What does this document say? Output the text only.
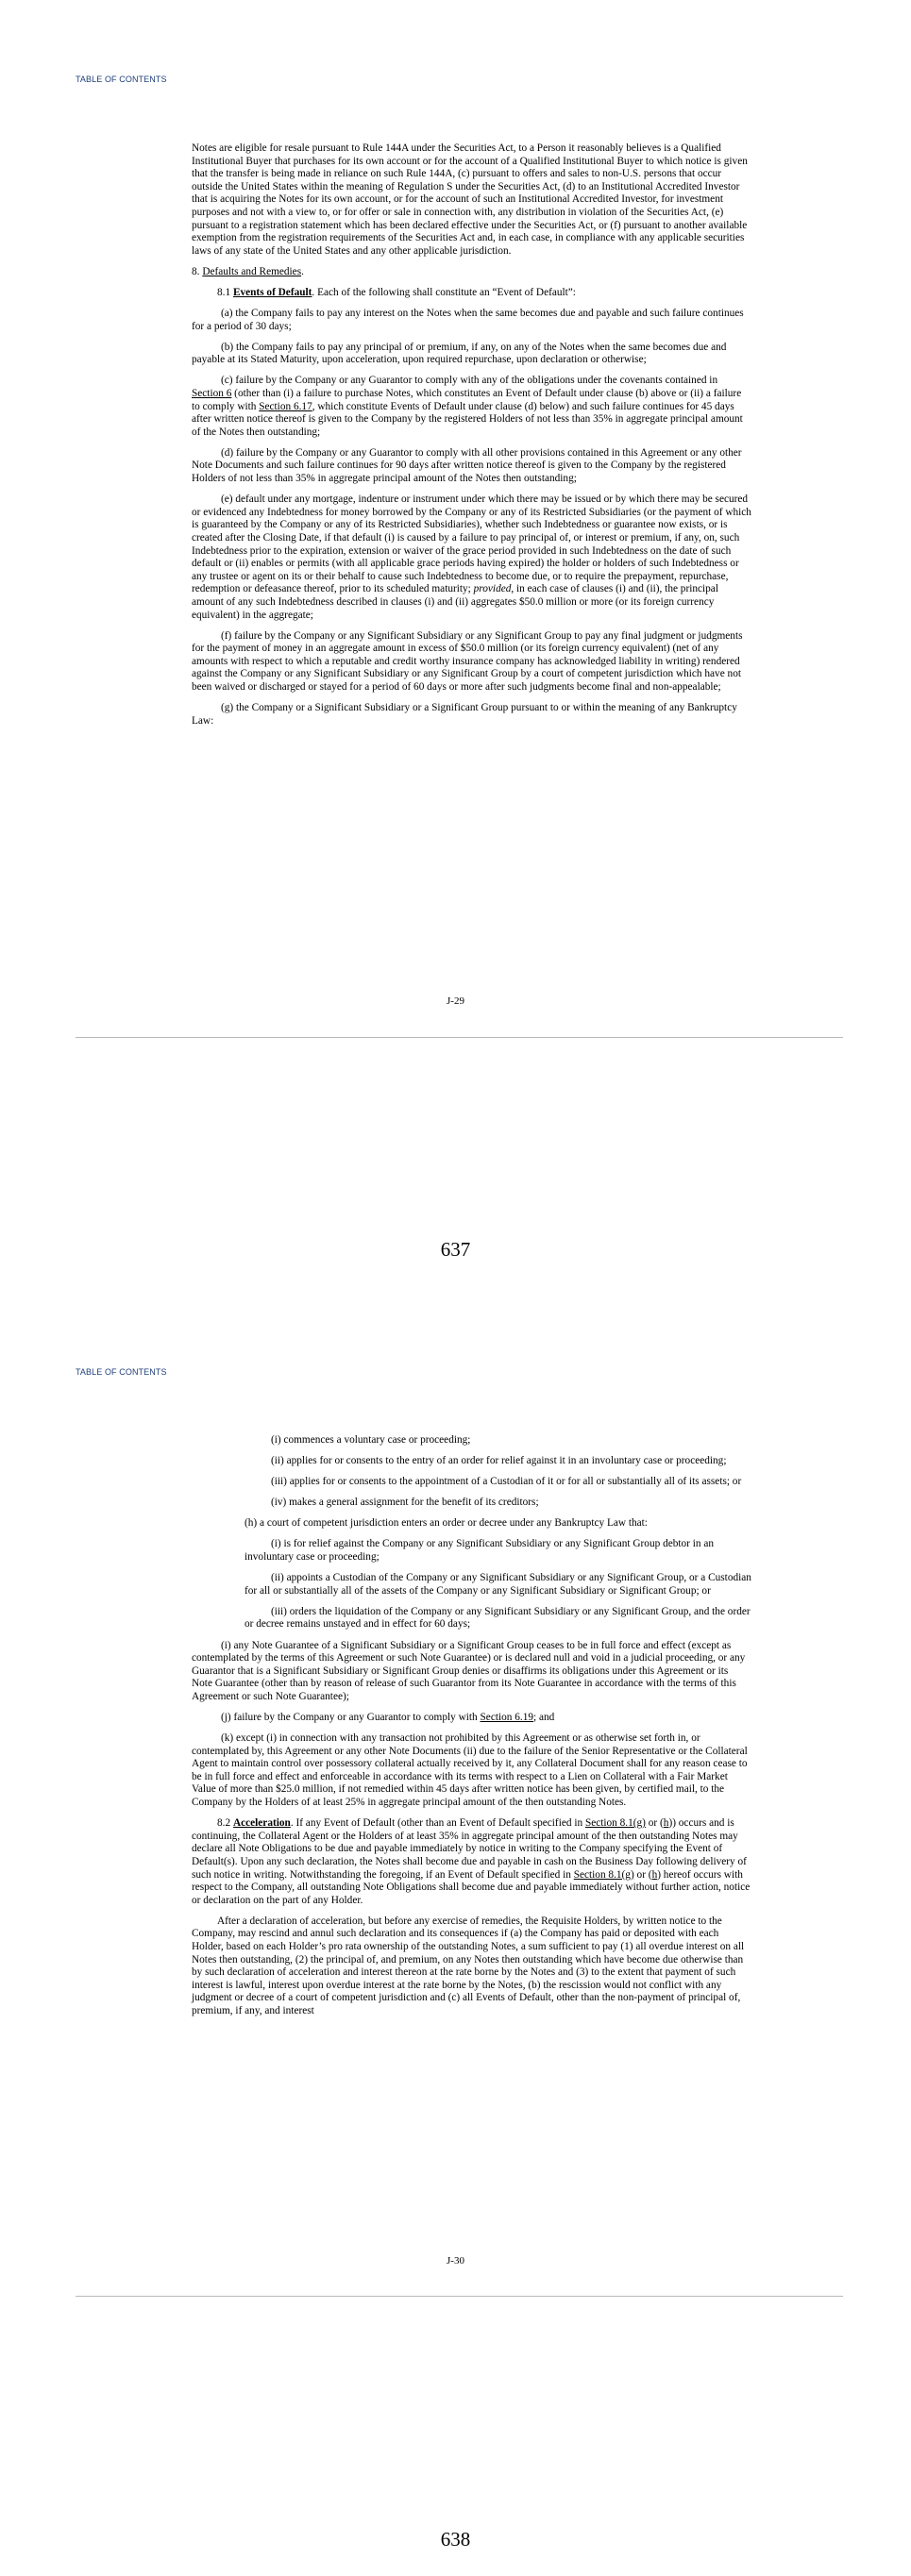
TABLE OF CONTENTS

Notes are eligible for resale pursuant to Rule 144A under the Securities Act, to a Person it reasonably believes is a Qualified Institutional Buyer that purchases for its own account or for the account of a Qualified Institutional Buyer to which notice is given that the transfer is being made in reliance on such Rule 144A, (c) pursuant to offers and sales to non-U.S. persons that occur outside the United States within the meaning of Regulation S under the Securities Act, (d) to an Institutional Accredited Investor that is acquiring the Notes for its own account, or for the account of such an Institutional Accredited Investor, for investment purposes and not with a view to, or for offer or sale in connection with, any distribution in violation of the Securities Act, (e) pursuant to a registration statement which has been declared effective under the Securities Act, or (f) pursuant to another available exemption from the registration requirements of the Securities Act and, in each case, in compliance with any applicable securities laws of any state of the United States and any other applicable jurisdiction.

8. Defaults and Remedies.

8.1 Events of Default. Each of the following shall constitute an “Event of Default”:

(a) the Company fails to pay any interest on the Notes when the same becomes due and payable and such failure continues for a period of 30 days;

(b) the Company fails to pay any principal of or premium, if any, on any of the Notes when the same becomes due and payable at its Stated Maturity, upon acceleration, upon required repurchase, upon declaration or otherwise;

(c) failure by the Company or any Guarantor to comply with any of the obligations under the covenants contained in Section 6 (other than (i) a failure to purchase Notes, which constitutes an Event of Default under clause (b) above or (ii) a failure to comply with Section 6.17, which constitute Events of Default under clause (d) below) and such failure continues for 45 days after written notice thereof is given to the Company by the registered Holders of not less than 35% in aggregate principal amount of the Notes then outstanding;

(d) failure by the Company or any Guarantor to comply with all other provisions contained in this Agreement or any other Note Documents and such failure continues for 90 days after written notice thereof is given to the Company by the registered Holders of not less than 35% in aggregate principal amount of the Notes then outstanding;

(e) default under any mortgage, indenture or instrument under which there may be issued or by which there may be secured or evidenced any Indebtedness for money borrowed by the Company or any of its Restricted Subsidiaries (or the payment of which is guaranteed by the Company or any of its Restricted Subsidiaries), whether such Indebtedness or guarantee now exists, or is created after the Closing Date, if that default (i) is caused by a failure to pay principal of, or interest or premium, if any, on, such Indebtedness prior to the expiration, extension or waiver of the grace period provided in such Indebtedness on the date of such default or (ii) enables or permits (with all applicable grace periods having expired) the holder or holders of such Indebtedness or any trustee or agent on its or their behalf to cause such Indebtedness to become due, or to require the prepayment, repurchase, redemption or defeasance thereof, prior to its scheduled maturity; provided, in each case of clauses (i) and (ii), the principal amount of any such Indebtedness described in clauses (i) and (ii) aggregates $50.0 million or more (or its foreign currency equivalent) in the aggregate;

(f) failure by the Company or any Significant Subsidiary or any Significant Group to pay any final judgment or judgments for the payment of money in an aggregate amount in excess of $50.0 million (or its foreign currency equivalent) (net of any amounts with respect to which a reputable and credit worthy insurance company has acknowledged liability in writing) rendered against the Company or any Significant Subsidiary or any Significant Group by a court of competent jurisdiction which have not been waived or discharged or stayed for a period of 60 days or more after such judgments become final and non-appealable;

(g) the Company or a Significant Subsidiary or a Significant Group pursuant to or within the meaning of any Bankruptcy Law:

J-29
637
TABLE OF CONTENTS

(i) commences a voluntary case or proceeding;

(ii) applies for or consents to the entry of an order for relief against it in an involuntary case or proceeding;

(iii) applies for or consents to the appointment of a Custodian of it or for all or substantially all of its assets; or

(iv) makes a general assignment for the benefit of its creditors;

(h) a court of competent jurisdiction enters an order or decree under any Bankruptcy Law that:

(i) is for relief against the Company or any Significant Subsidiary or any Significant Group debtor in an involuntary case or proceeding;

(ii) appoints a Custodian of the Company or any Significant Subsidiary or any Significant Group, or a Custodian for all or substantially all of the assets of the Company or any Significant Subsidiary or Significant Group; or

(iii) orders the liquidation of the Company or any Significant Subsidiary or any Significant Group, and the order or decree remains unstayed and in effect for 60 days;

(i) any Note Guarantee of a Significant Subsidiary or a Significant Group ceases to be in full force and effect (except as contemplated by the terms of this Agreement or such Note Guarantee) or is declared null and void in a judicial proceeding, or any Guarantor that is a Significant Subsidiary or Significant Group denies or disaffirms its obligations under this Agreement or its Note Guarantee (other than by reason of release of such Guarantor from its Note Guarantee in accordance with the terms of this Agreement or such Note Guarantee);

(j) failure by the Company or any Guarantor to comply with Section 6.19; and

(k) except (i) in connection with any transaction not prohibited by this Agreement or as otherwise set forth in, or contemplated by, this Agreement or any other Note Documents (ii) due to the failure of the Senior Representative or the Collateral Agent to maintain control over possessory collateral actually received by it, any Collateral Document shall for any reason cease to be in full force and effect and enforceable in accordance with its terms with respect to a Lien on Collateral with a Fair Market Value of more than $25.0 million, if not remedied within 45 days after written notice has been given, by certified mail, to the Company by the Holders of at least 25% in aggregate principal amount of the then outstanding Notes.

8.2 Acceleration. If any Event of Default (other than an Event of Default specified in Section 8.1(g) or (h)) occurs and is continuing, the Collateral Agent or the Holders of at least 35% in aggregate principal amount of the then outstanding Notes may declare all Note Obligations to be due and payable immediately by notice in writing to the Company specifying the Event of Default(s). Upon any such declaration, the Notes shall become due and payable in cash on the Business Day following delivery of such notice in writing. Notwithstanding the foregoing, if an Event of Default specified in Section 8.1(g) or (h) hereof occurs with respect to the Company, all outstanding Note Obligations shall become due and payable immediately without further action, notice or declaration on the part of any Holder.

After a declaration of acceleration, but before any exercise of remedies, the Requisite Holders, by written notice to the Company, may rescind and annul such declaration and its consequences if (a) the Company has paid or deposited with each Holder, based on each Holder’s pro rata ownership of the outstanding Notes, a sum sufficient to pay (1) all overdue interest on all Notes then outstanding, (2) the principal of, and premium, on any Notes then outstanding which have become due otherwise than by such declaration of acceleration and interest thereon at the rate borne by the Notes and (3) to the extent that payment of such interest is lawful, interest upon overdue interest at the rate borne by the Notes, (b) the rescission would not conflict with any judgment or decree of a court of competent jurisdiction and (c) all Events of Default, other than the non-payment of principal of, premium, if any, and interest

J-30
638
